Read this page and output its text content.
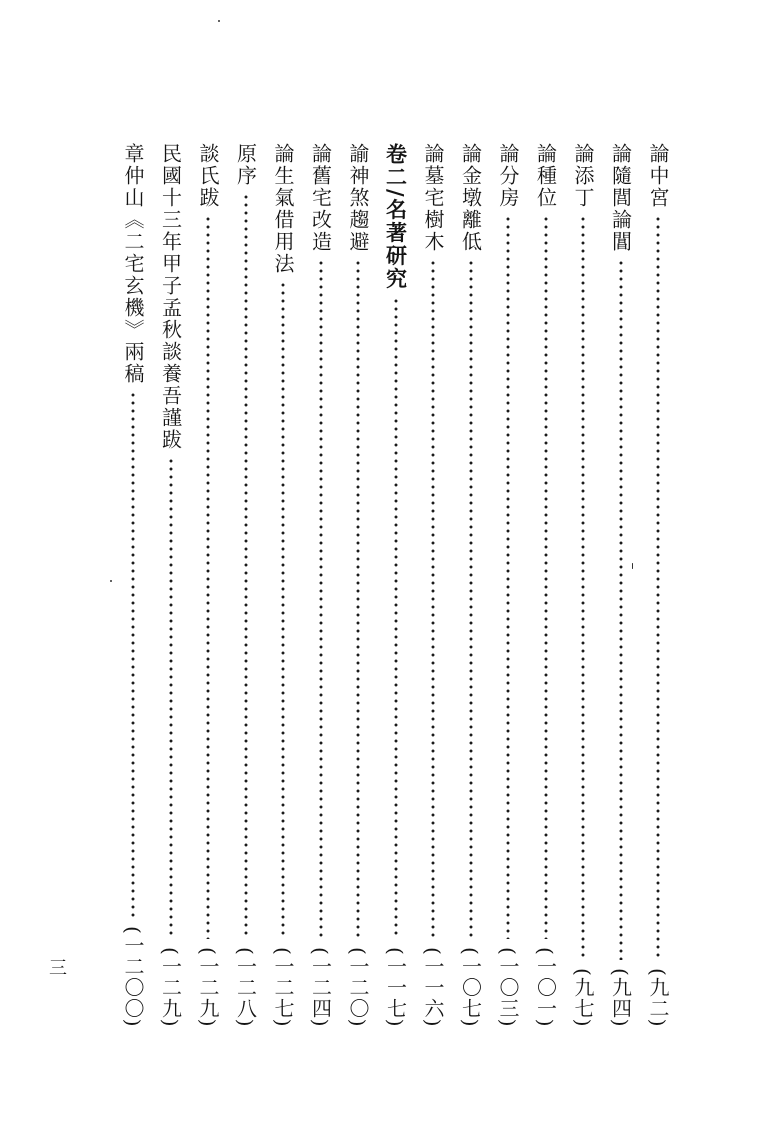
論中宮
(九二)
論隨閭論閶
(九四)
論添丁
(九七)
論種位
(一〇一)
論分房
(一〇三)
論金墩離低
(一〇七)
論墓宅樹木
(一一六)
卷二/名著研究
(一一七)
諭神煞趨避
(一二〇)
論舊宅改造
(一二四)
論生氣借用法
(一二七)
原序
(一二八)
談氏跋
(一二九)
民國十三年甲子孟秋談養吾謹跋
(一二九)
章仲山《二宅玄機》兩稿
(一二〇〇)
三
